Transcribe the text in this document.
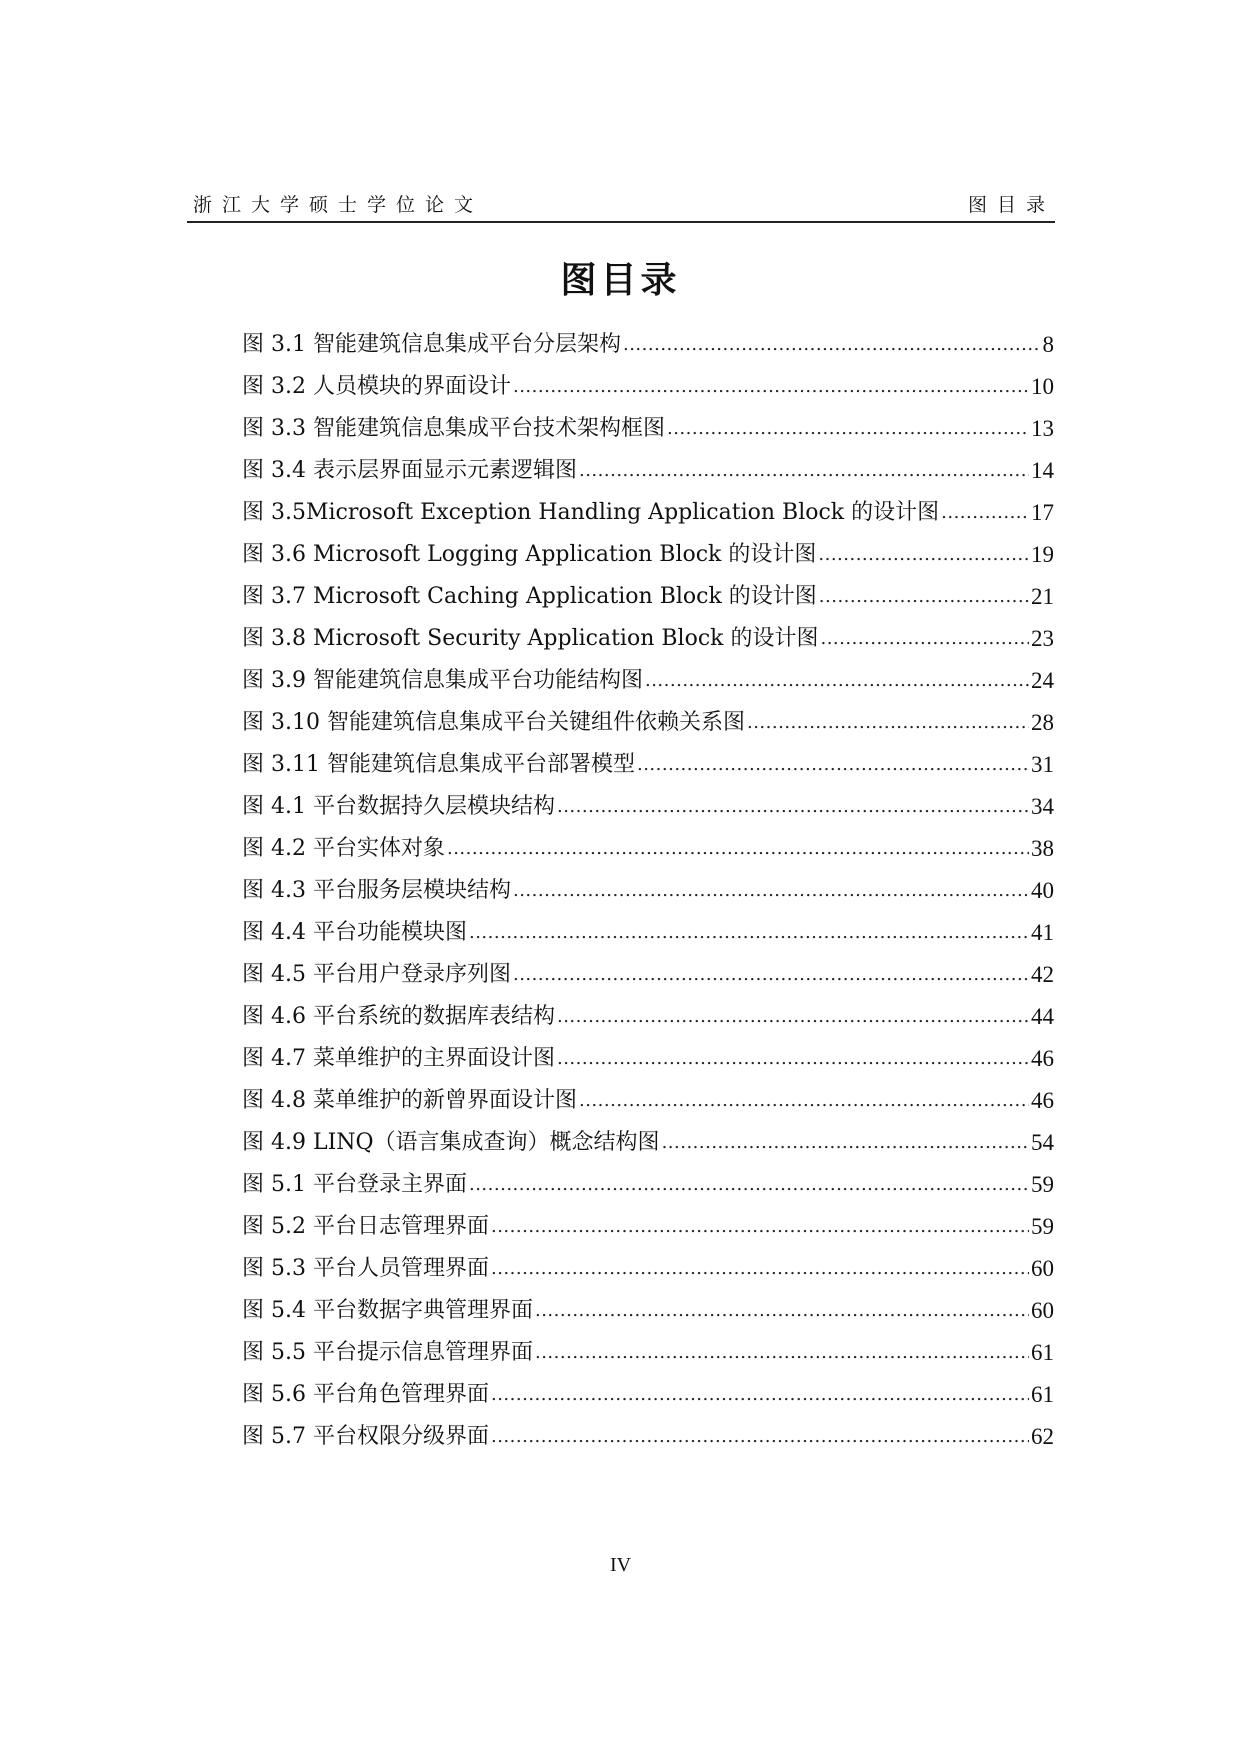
浙江大学硕士学位论文	图目录
图目录
图 3.1 智能建筑信息集成平台分层架构 .....	8
图 3.2 人员模块的界面设计 .....	10
图 3.3 智能建筑信息集成平台技术架构框图 .....	13
图 3.4 表示层界面显示元素逻辑图 .....	14
图 3.5Microsoft Exception Handling Application Block 的设计图 .....	17
图 3.6 Microsoft Logging Application Block 的设计图 .....	19
图 3.7 Microsoft Caching Application Block 的设计图 .....	21
图 3.8 Microsoft Security Application Block 的设计图 .....	23
图 3.9 智能建筑信息集成平台功能结构图 .....	24
图 3.10 智能建筑信息集成平台关键组件依赖关系图 .....	28
图 3.11 智能建筑信息集成平台部署模型 .....	31
图 4.1 平台数据持久层模块结构 .....	34
图 4.2 平台实体对象 .....	38
图 4.3 平台服务层模块结构 .....	40
图 4.4 平台功能模块图 .....	41
图 4.5 平台用户登录序列图 .....	42
图 4.6 平台系统的数据库表结构 .....	44
图 4.7 菜单维护的主界面设计图 .....	46
图 4.8 菜单维护的新曾界面设计图 .....	46
图 4.9 LINQ（语言集成查询）概念结构图 .....	54
图 5.1 平台登录主界面 .....	59
图 5.2 平台日志管理界面 .....	59
图 5.3 平台人员管理界面 .....	60
图 5.4 平台数据字典管理界面 .....	60
图 5.5 平台提示信息管理界面 .....	61
图 5.6 平台角色管理界面 .....	61
图 5.7 平台权限分级界面 .....	62
IV
